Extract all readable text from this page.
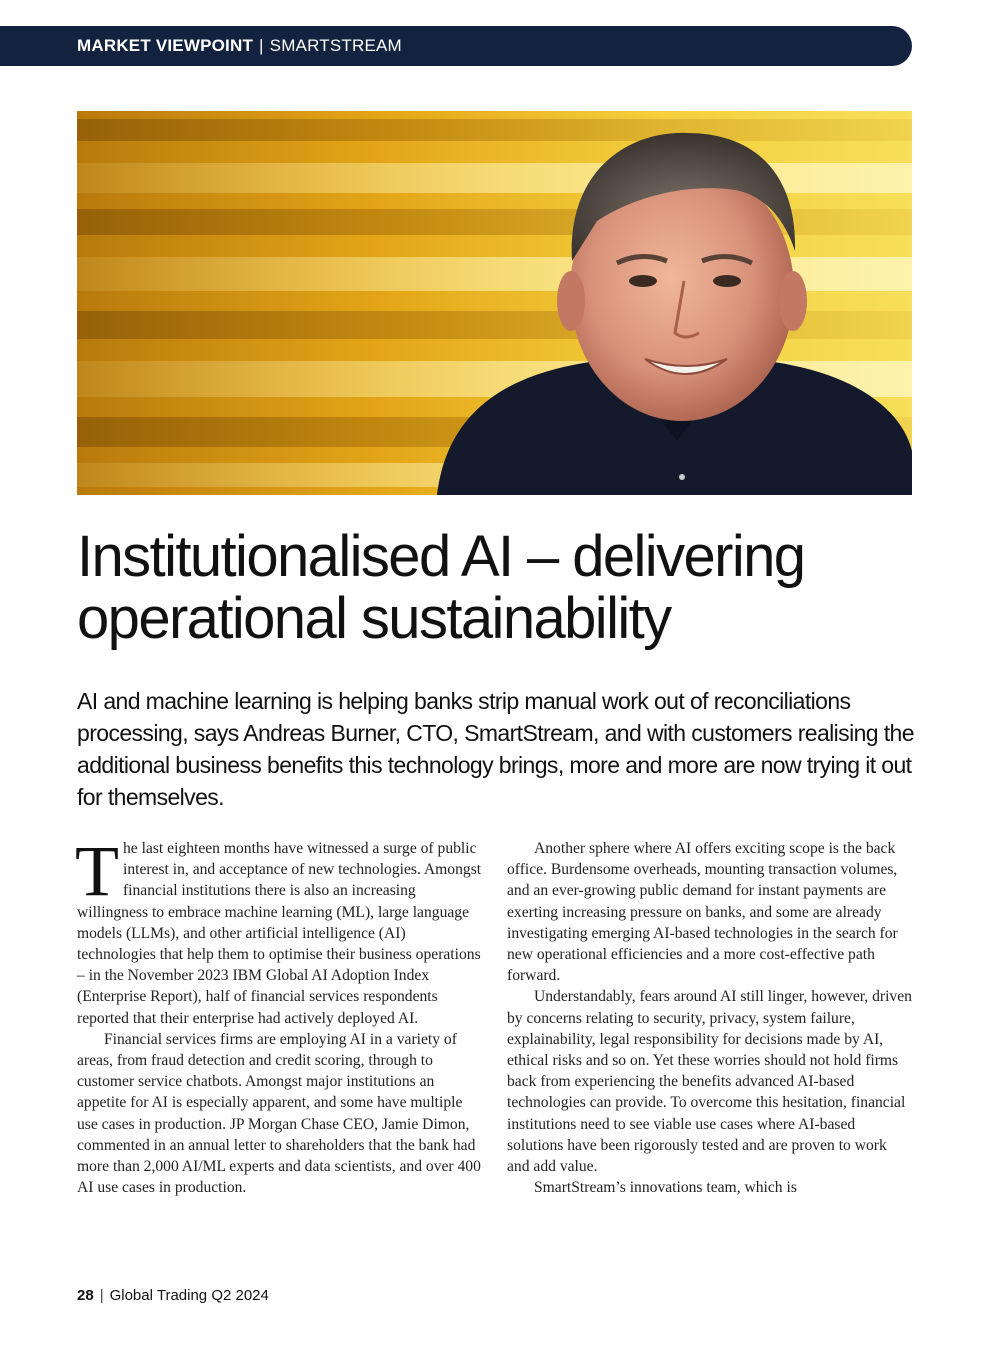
MARKET VIEWPOINT | SMARTSTREAM
Institutionalised AI – delivering operational sustainability

AI and machine learning is helping banks strip manual work out of reconciliations processing, says Andreas Burner, CTO, SmartStream, and with customers realising the additional business benefits this technology brings, more and more are now trying it out for themselves.

The last eighteen months have witnessed a surge of public interest in, and acceptance of new technologies. Amongst financial institutions there is also an increasing willingness to embrace machine learning (ML), large language models (LLMs), and other artificial intelligence (AI) technologies that help them to optimise their business operations – in the November 2023 IBM Global AI Adoption Index (Enterprise Report), half of financial services respondents reported that their enterprise had actively deployed AI.

Financial services firms are employing AI in a variety of areas, from fraud detection and credit scoring, through to customer service chatbots. Amongst major institutions an appetite for AI is especially apparent, and some have multiple use cases in production. JP Morgan Chase CEO, Jamie Dimon, commented in an annual letter to shareholders that the bank had more than 2,000 AI/ML experts and data scientists, and over 400 AI use cases in production.

Another sphere where AI offers exciting scope is the back office. Burdensome overheads, mounting transaction volumes, and an ever-growing public demand for instant payments are exerting increasing pressure on banks, and some are already investigating emerging AI-based technologies in the search for new operational efficiencies and a more cost-effective path forward.

Understandably, fears around AI still linger, however, driven by concerns relating to security, privacy, system failure, explainability, legal responsibility for decisions made by AI, ethical risks and so on. Yet these worries should not hold firms back from experiencing the benefits advanced AI-based technologies can provide. To overcome this hesitation, financial institutions need to see viable use cases where AI-based solutions have been rigorously tested and are proven to work and add value.

SmartStream’s innovations team, which is

28 | Global Trading Q2 2024
